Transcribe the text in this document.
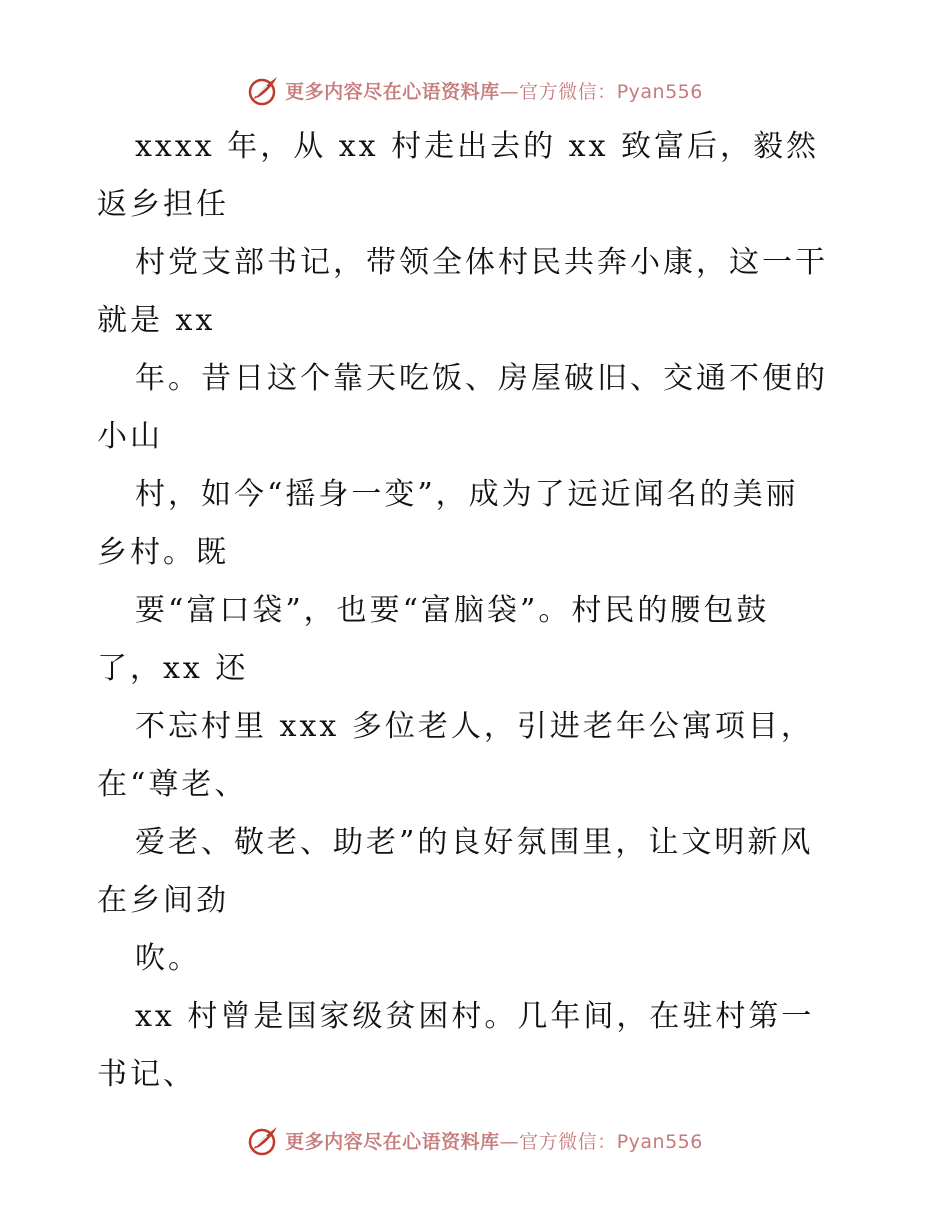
更多内容尽在心语资料库—官方微信：Pyan556
xxxx 年，从 xx 村走出去的 xx 致富后，毅然
返乡担任
村党支部书记，带领全体村民共奔小康，这一干
就是 xx
年。昔日这个靠天吃饭、房屋破旧、交通不便的
小山
村，如今“摇身一变”，成为了远近闻名的美丽
乡村。既
要“富口袋”，也要“富脑袋”。村民的腰包鼓
了，xx 还
不忘村里 xxx 多位老人，引进老年公寓项目，
在“尊老、
爱老、敬老、助老”的良好氛围里，让文明新风
在乡间劲
吹。
xx 村曾是国家级贫困村。几年间，在驻村第一
书记、
更多内容尽在心语资料库—官方微信：Pyan556
